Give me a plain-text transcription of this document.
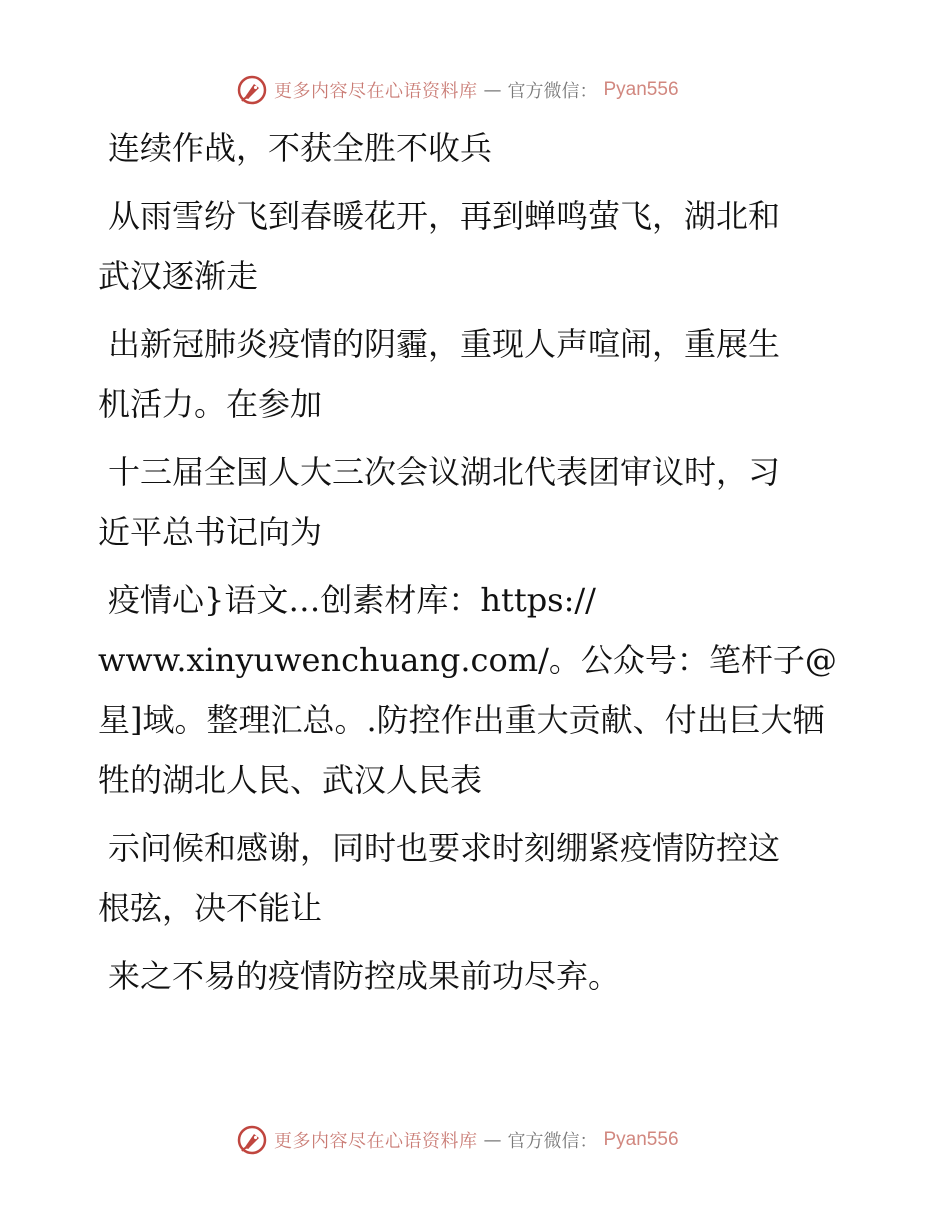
更多内容尽在心语资料库 — 官方微信： Pyan556

连续作战，不获全胜不收兵

从雨雪纷飞到春暖花开，再到蝉鸣萤飞，湖北和
武汉逐渐走

出新冠肺炎疫情的阴霾，重现人声喧闹，重展生
机活力。在参加

十三届全国人大三次会议湖北代表团审议时，习
近平总书记向为

疫情心}语文…创素材库：https://
www.xinyuwenchuang.com/。公众号：笔杆子@星]域。整理汇总。.防控作出重大贡献、付出巨大牺牲的湖北人民、武汉人民表

示问候和感谢，同时也要求时刻绷紧疫情防控这
根弦，决不能让

来之不易的疫情防控成果前功尽弃。

更多内容尽在心语资料库 — 官方微信： Pyan556
